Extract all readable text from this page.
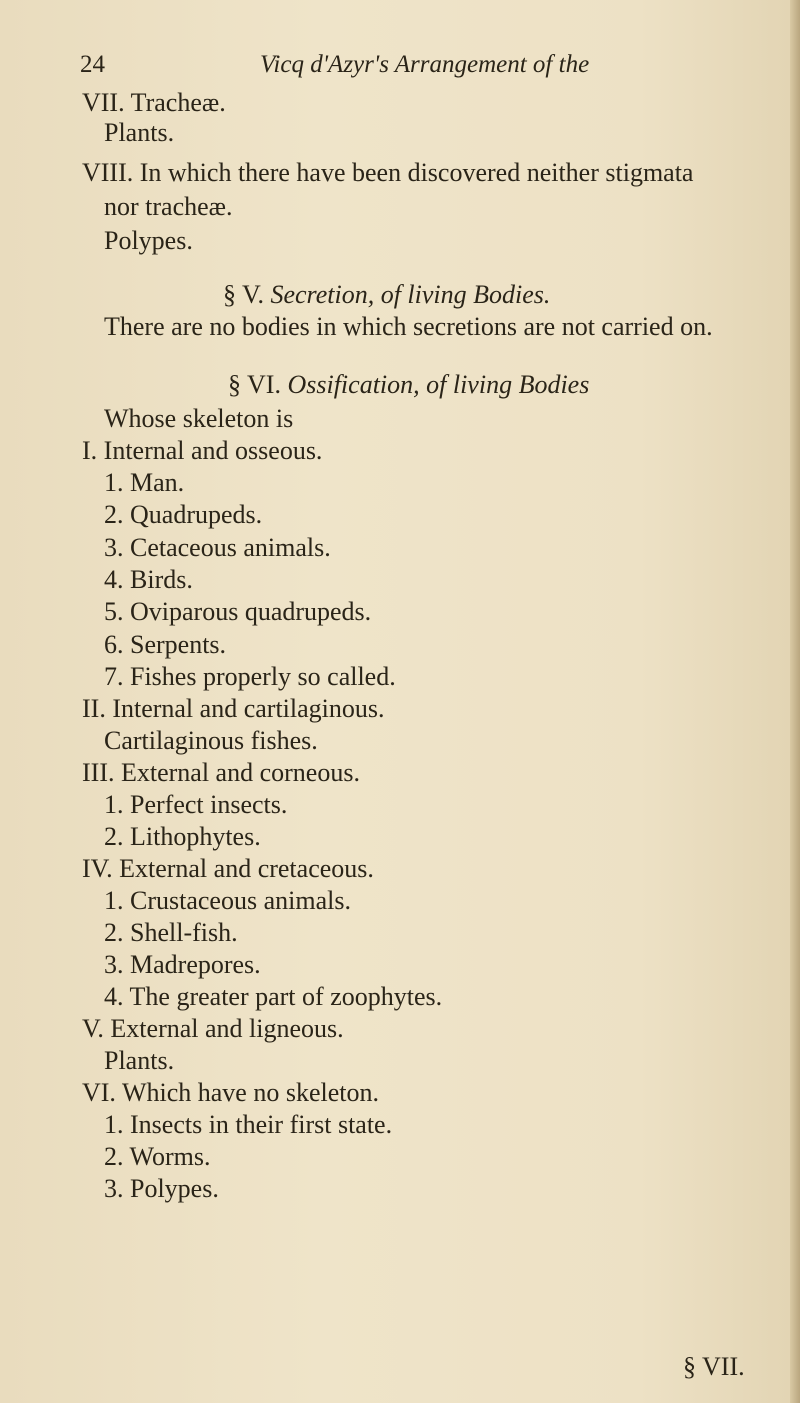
24	Vicq d'Azyr's Arrangement of the
VII. Tracheæ.
Plants.
VIII. In which there have been discovered neither stigmata
nor tracheæ.
Polypes.
§ V. Secretion, of living Bodies.
There are no bodies in which secretions are not carried on.
§ VI. Ossification, of living Bodies
Whose skeleton is
I. Internal and osseous.
1. Man.
2. Quadrupeds.
3. Cetaceous animals.
4. Birds.
5. Oviparous quadrupeds.
6. Serpents.
7. Fishes properly so called.
II. Internal and cartilaginous.
Cartilaginous fishes.
III. External and corneous.
1. Perfect insects.
2. Lithophytes.
IV. External and cretaceous.
1. Crustaceous animals.
2. Shell-fish.
3. Madrepores.
4. The greater part of zoophytes.
V. External and ligneous.
Plants.
VI. Which have no skeleton.
1. Insects in their first state.
2. Worms.
3. Polypes.
§ VII.
